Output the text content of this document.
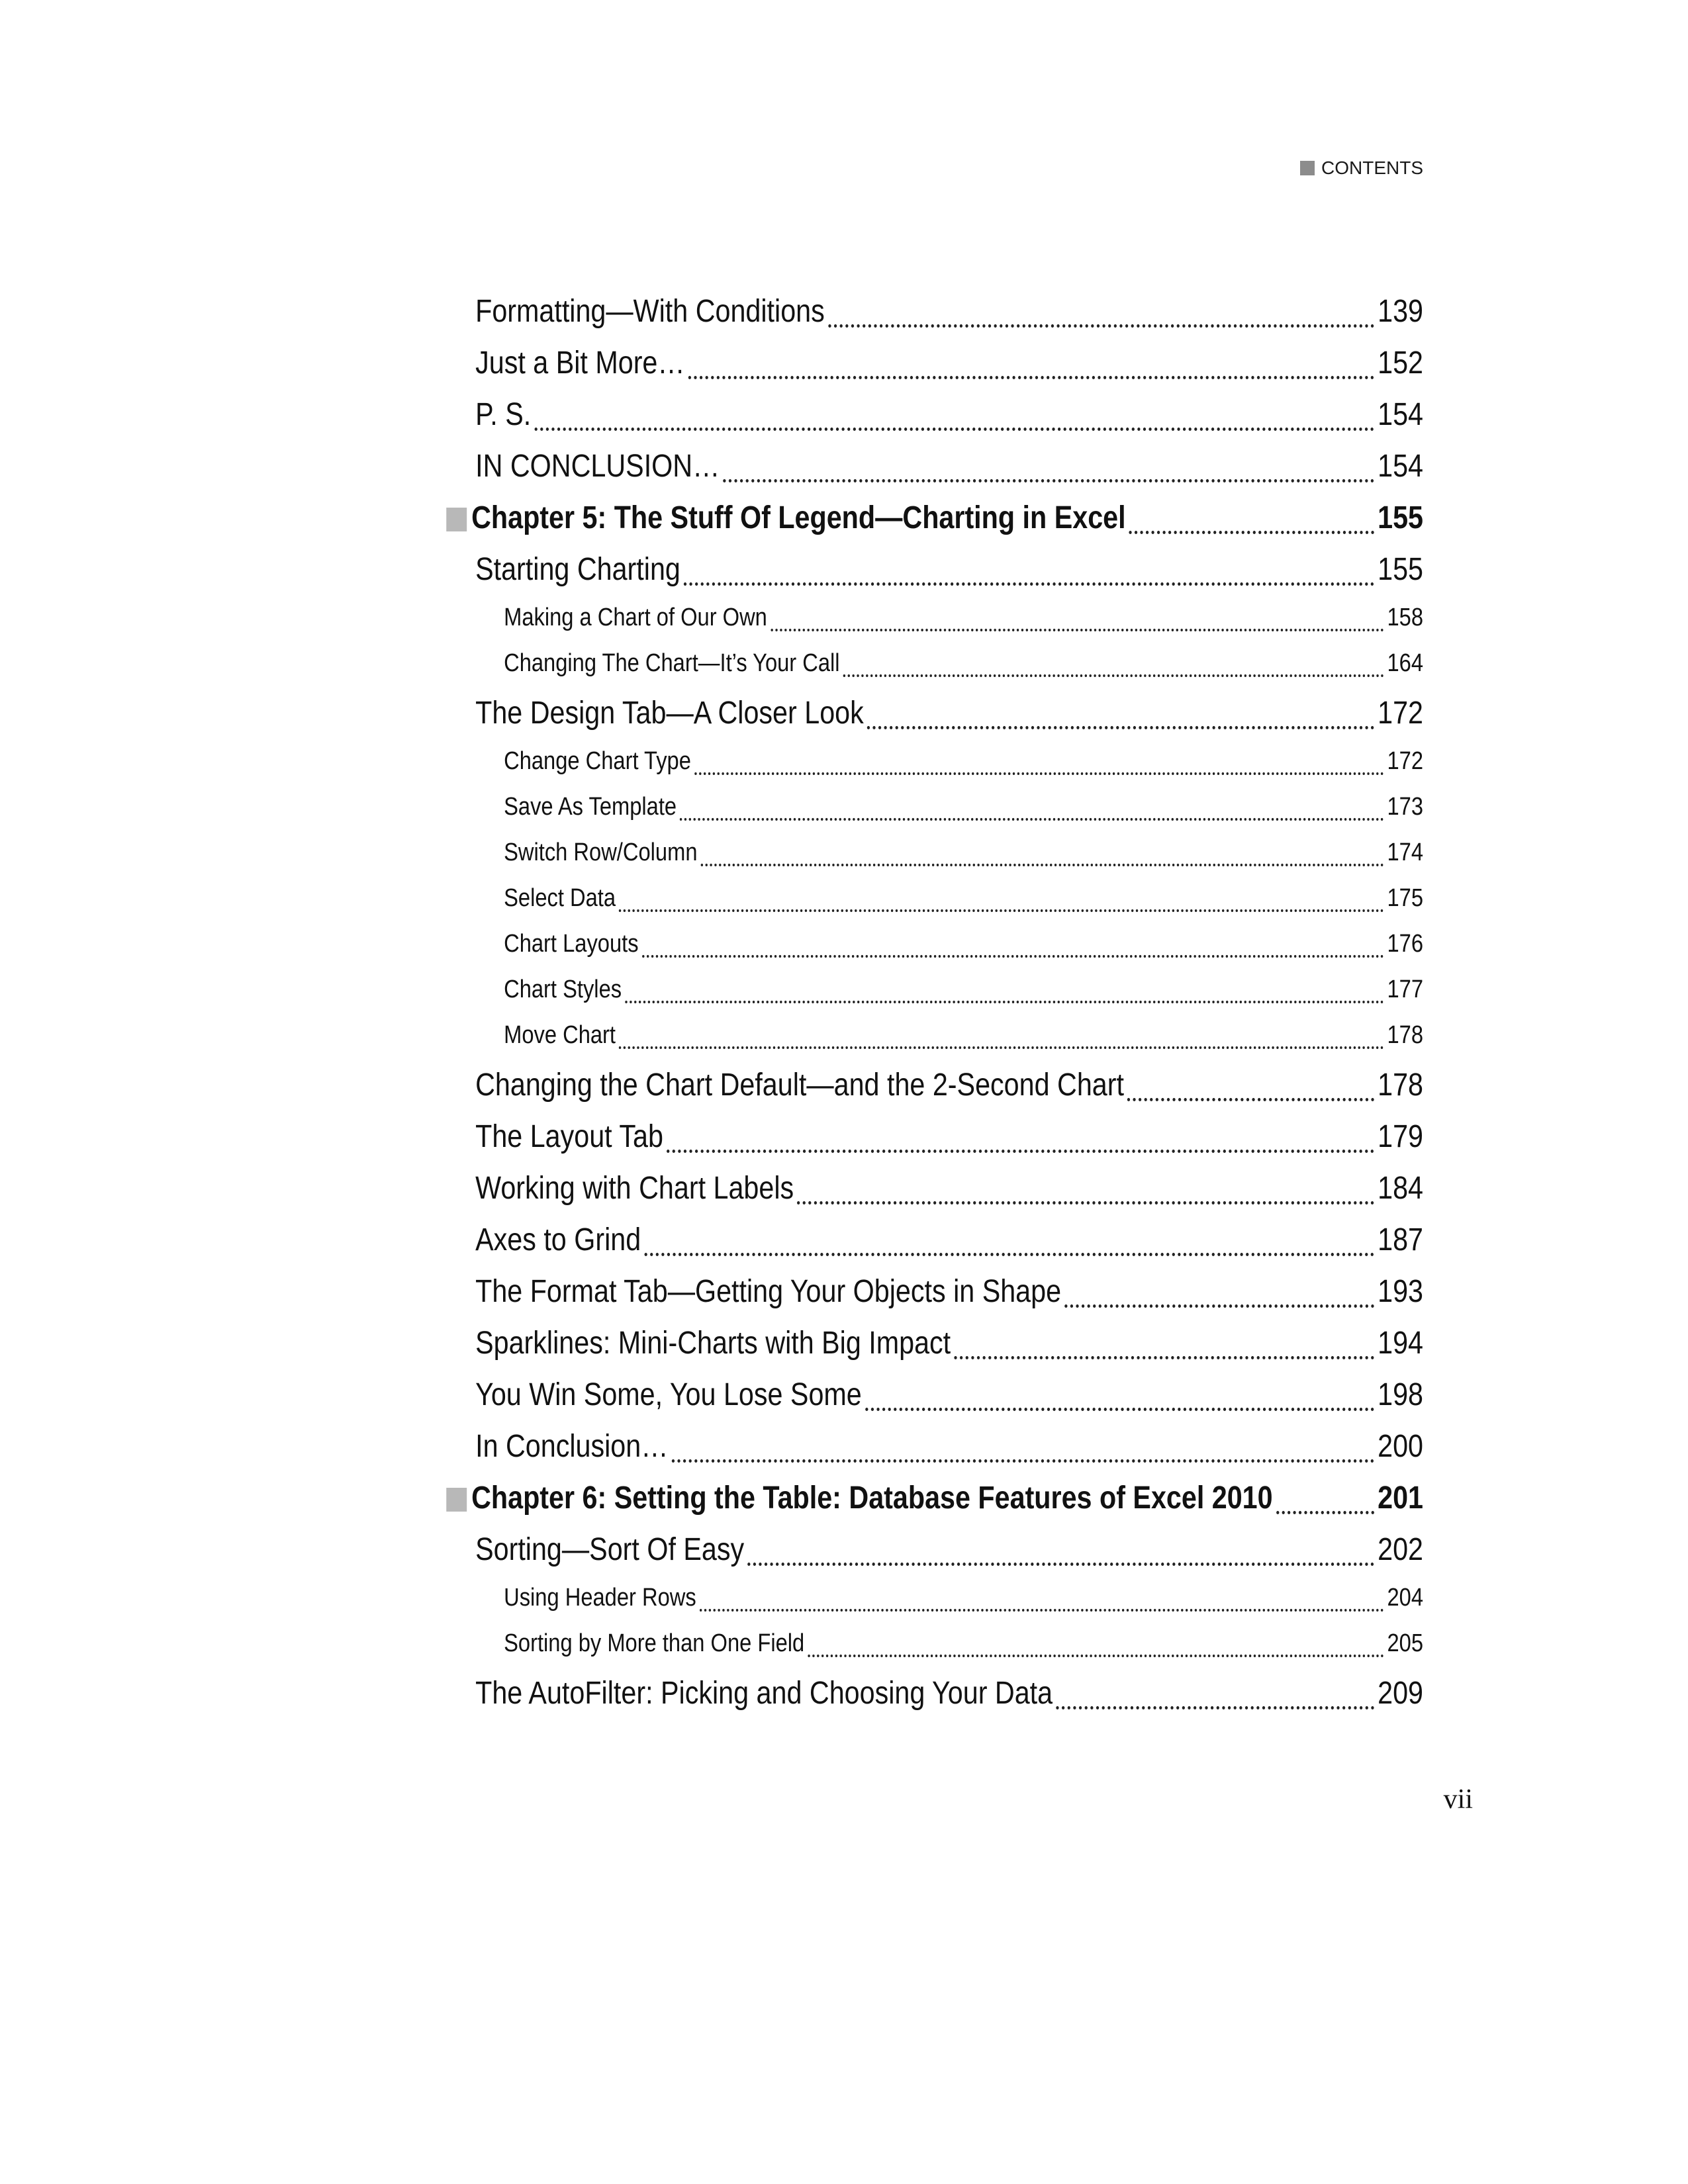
CONTENTS
Formatting—With Conditions	139
Just a Bit More…	152
P. S.	154
IN CONCLUSION…	154
Chapter 5: The Stuff Of Legend—Charting in Excel	155
Starting Charting	155
Making a Chart of Our Own	158
Changing The Chart—It’s Your Call	164
The Design Tab—A Closer Look	172
Change Chart Type	172
Save As Template	173
Switch Row/Column	174
Select Data	175
Chart Layouts	176
Chart Styles	177
Move Chart	178
Changing the Chart Default—and the 2-Second Chart	178
The Layout Tab	179
Working with Chart Labels	184
Axes to Grind	187
The Format Tab—Getting Your Objects in Shape	193
Sparklines: Mini-Charts with Big Impact	194
You Win Some, You Lose Some	198
In Conclusion…	200
Chapter 6: Setting the Table: Database Features of Excel 2010	201
Sorting—Sort Of Easy	202
Using Header Rows	204
Sorting by More than One Field	205
The AutoFilter: Picking and Choosing Your Data	209
vii
